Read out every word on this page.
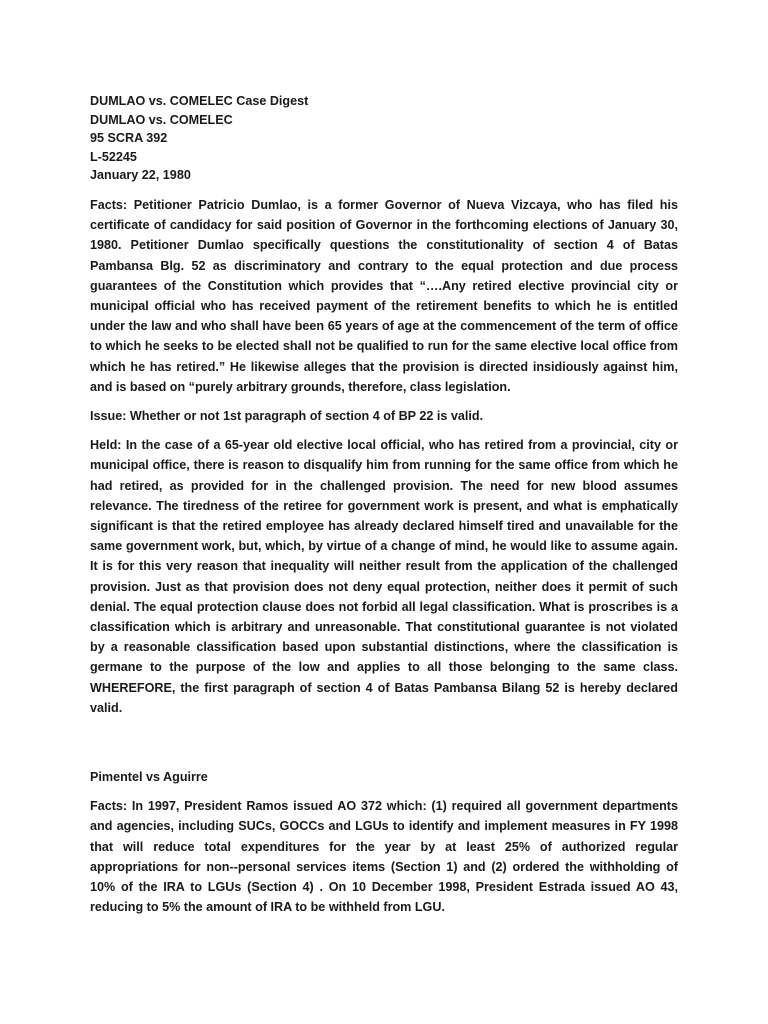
DUMLAO vs. COMELEC Case Digest
DUMLAO vs. COMELEC
95 SCRA 392
L-52245
January 22, 1980

Facts: Petitioner Patricio Dumlao, is a former Governor of Nueva Vizcaya, who has filed his certificate of candidacy for said position of Governor in the forthcoming elections of January 30, 1980. Petitioner Dumlao specifically questions the constitutionality of section 4 of Batas Pambansa Blg. 52 as discriminatory and contrary to the equal protection and due process guarantees of the Constitution which provides that “….Any retired elective provincial city or municipal official who has received payment of the retirement benefits to which he is entitled under the law and who shall have been 65 years of age at the commencement of the term of office to which he seeks to be elected shall not be qualified to run for the same elective local office from which he has retired.” He likewise alleges that the provision is directed insidiously against him, and is based on “purely arbitrary grounds, therefore, class legislation.

Issue: Whether or not 1st paragraph of section 4 of BP 22 is valid.

Held: In the case of a 65-year old elective local official, who has retired from a provincial, city or municipal office, there is reason to disqualify him from running for the same office from which he had retired, as provided for in the challenged provision. The need for new blood assumes relevance. The tiredness of the retiree for government work is present, and what is emphatically significant is that the retired employee has already declared himself tired and unavailable for the same government work, but, which, by virtue of a change of mind, he would like to assume again. It is for this very reason that inequality will neither result from the application of the challenged provision. Just as that provision does not deny equal protection, neither does it permit of such denial. The equal protection clause does not forbid all legal classification. What is proscribes is a classification which is arbitrary and unreasonable. That constitutional guarantee is not violated by a reasonable classification based upon substantial distinctions, where the classification is germane to the purpose of the low and applies to all those belonging to the same class. WHEREFORE, the first paragraph of section 4 of Batas Pambansa Bilang 52 is hereby declared valid.

Pimentel vs Aguirre

Facts: In 1997, President Ramos issued AO 372 which: (1) required all government departments and agencies, including SUCs, GOCCs and LGUs to identify and implement measures in FY 1998 that will reduce total expenditures for the year by at least 25% of authorized regular appropriations for non--personal services items (Section 1) and (2) ordered the withholding of 10% of the IRA to LGUs (Section 4) . On 10 December 1998, President Estrada issued AO 43, reducing to 5% the amount of IRA to be withheld from LGU.
